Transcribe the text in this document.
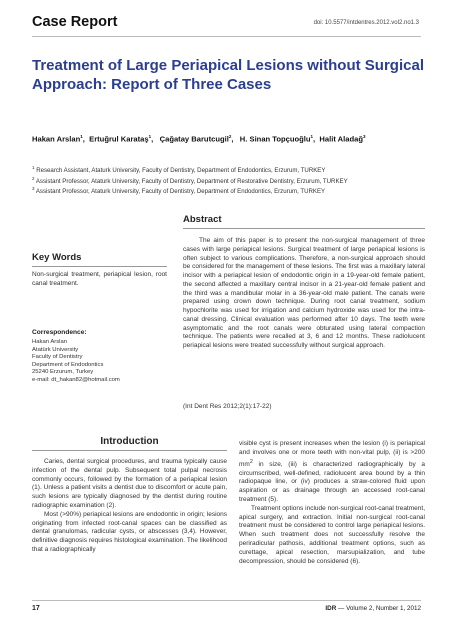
Case Report	doi: 10.5577/intdentres.2012.vol2.no1.3
Treatment of Large Periapical Lesions without Surgical Approach: Report of Three Cases
Hakan Arslan$^1$,  Ertuğrul Karataş$^1$,   Çağatay Barutcugil$^2$,   H. Sinan Topçuoğlu$^1$,  Halit Aladağ$^3$
$^1$ Research Assistant, Ataturk University, Faculty of Dentistry, Department of Endodontics, Erzurum, TURKEY
$^2$ Assistant Professor, Ataturk University, Faculty of Dentistry, Department of Restorative Dentistry, Erzurum, TURKEY
$^3$ Assistant Professor, Ataturk University, Faculty of Dentistry, Department of Endodontics, Erzurum, TURKEY
Abstract
The aim of this paper is to present the non-surgical management of three cases with large periapical lesions. Surgical treatment of large periapical lesions is often subject to various complications. Therefore, a non-surgical approach should be considered for the management of these lesions. The first was a maxillary lateral incisor with a periapical lesion of endodontic origin in a 19-year-old female patient, the second affected a maxillary central incisor in a 21-year-old female patient and the third was a mandibular molar in a 36-year-old male patient. The canals were prepared using crown down technique. During root canal treatment, sodium hypochlorite was used for irrigation and calcium hydroxide was used for the intra-canal dressing. Clinical evaluation was performed after 10 days. The teeth were asymptomatic and the root canals were obturated using lateral compaction technique. The patients were recalled at 3, 6 and 12 months. These radiolucent periapical lesions were treated successfully without surgical approach.
(Int Dent Res 2012;2(1):17-22)
Key Words
Non-surgical treatment, periapical lesion, root canal treatment.
Correspondence:
Hakan Arslan
Atatürk University
Faculty of Dentistry
Department of Endodontics
25240 Erzurum, Turkey
e-mail: dt_hakan82@hotmail.com
Introduction

Caries, dental surgical procedures, and trauma typically cause infection of the dental pulp. Subsequent total pulpal necrosis commonly occurs, followed by the formation of a periapical lesion (1). Unless a patient visits a dentist due to discomfort or acute pain, such lesions are typically diagnosed by the dentist during routine radiographic examination (2).

Most (>90%) periapical lesions are endodontic in origin; lesions originating from infected root-canal spaces can be classified as dental granulomas, radicular cysts, or abscesses (3,4). However, definitive diagnosis requires histological examination. The likelihood that a radiographically

visible cyst is present increases when the lesion (i) is periapical and involves one or more teeth with non-vital pulp, (ii) is >200 $mm^2$ in size, (iii) is characterized radiographically by a circumscribed, well-defined, radiolucent area bound by a thin radiopaque line, or (iv) produces a straw-colored fluid upon aspiration or as drainage through an accessed root-canal treatment (5).

Treatment options include non-surgical root-canal treatment, apical surgery, and extraction. Initial non-surgical root-canal treatment must be considered to control large periapical lesions. When such treatment does not successfully resolve the periradicular pathosis, additional treatment options, such as curettage, apical resection, marsupialization, and tube decompression, should be considered (6).

17	IDR — Volume 2, Number 1, 2012
